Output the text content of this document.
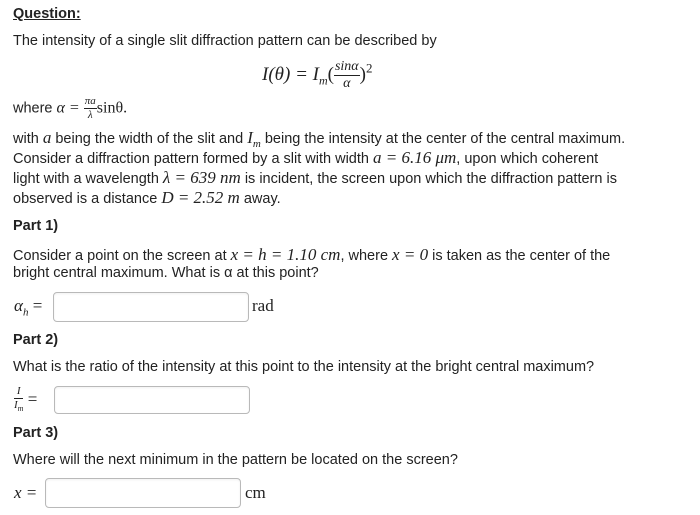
Question:
The intensity of a single slit diffraction pattern can be described by
$I(\theta) = I_m( \frac{\sin\alpha}{\alpha} )^2$
where $\alpha = \frac{\pi a}{\lambda} \sin\theta$.
with a being the width of the slit and $I_m$ being the intensity at the center of the central maximum.
Consider a diffraction pattern formed by a slit with width a = 6.16 μm, upon which coherent
light with a wavelength λ = 639 nm is incident, the screen upon which the diffraction pattern is
observed is a distance D = 2.52 m away.
Part 1)
Consider a point on the screen at x = h = 1.10 cm, where x = 0 is taken as the center of the
bright central maximum. What is α at this point?
$\alpha_h$ =	rad
Part 2)
What is the ratio of the intensity at this point to the intensity at the bright central maximum?
$\frac{I}{I_m}$ =
Part 3)
Where will the next minimum in the pattern be located on the screen?
x =	cm
